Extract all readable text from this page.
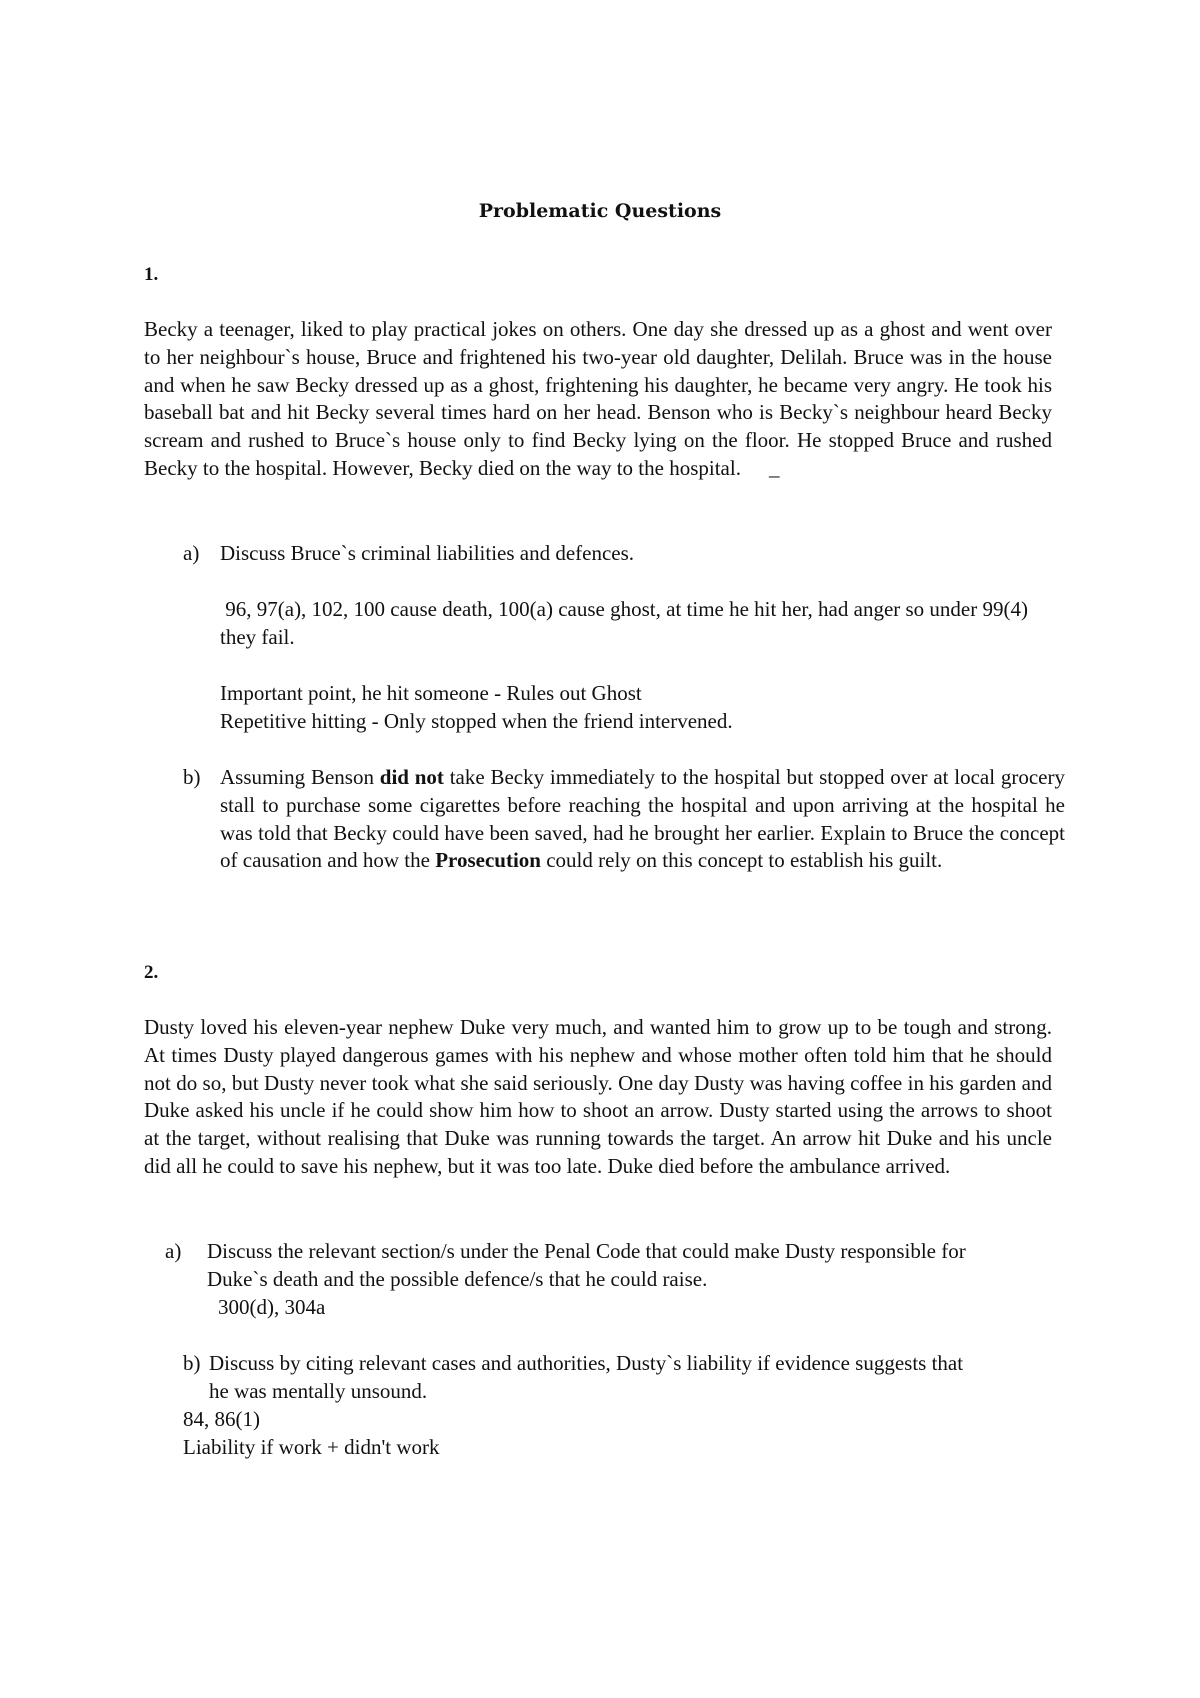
Problematic Questions
1.

Becky a teenager, liked to play practical jokes on others. One day she dressed up as a ghost and went over to her neighbour`s house, Bruce and frightened his two-year old daughter, Delilah. Bruce was in the house and when he saw Becky dressed up as a ghost, frightening his daughter, he became very angry. He took his baseball bat and hit Becky several times hard on her head. Benson who is Becky`s neighbour heard Becky scream and rushed to Bruce`s house only to find Becky lying on the floor. He stopped Bruce and rushed Becky to the hospital. However, Becky died on the way to the hospital. _

a) Discuss Bruce`s criminal liabilities and defences.

96, 97(a), 102, 100 cause death, 100(a) cause ghost, at time he hit her, had anger so under 99(4) they fail.

Important point, he hit someone - Rules out Ghost
Repetitive hitting - Only stopped when the friend intervened.
b) Assuming Benson did not take Becky immediately to the hospital but stopped over at local grocery stall to purchase some cigarettes before reaching the hospital and upon arriving at the hospital he was told that Becky could have been saved, had he brought her earlier. Explain to Bruce the concept of causation and how the Prosecution could rely on this concept to establish his guilt.
2.

Dusty loved his eleven-year nephew Duke very much, and wanted him to grow up to be tough and strong. At times Dusty played dangerous games with his nephew and whose mother often told him that he should not do so, but Dusty never took what she said seriously. One day Dusty was having coffee in his garden and Duke asked his uncle if he could show him how to shoot an arrow. Dusty started using the arrows to shoot at the target, without realising that Duke was running towards the target. An arrow hit Duke and his uncle did all he could to save his nephew, but it was too late. Duke died before the ambulance arrived.

a)	Discuss the relevant section/s under the Penal Code that could make Dusty responsible for Duke`s death and the possible defence/s that he could raise.
300(d), 304a
b) Discuss by citing relevant cases and authorities, Dusty`s liability if evidence suggests that he was mentally unsound.
84, 86(1)
Liability if work + didn't work
